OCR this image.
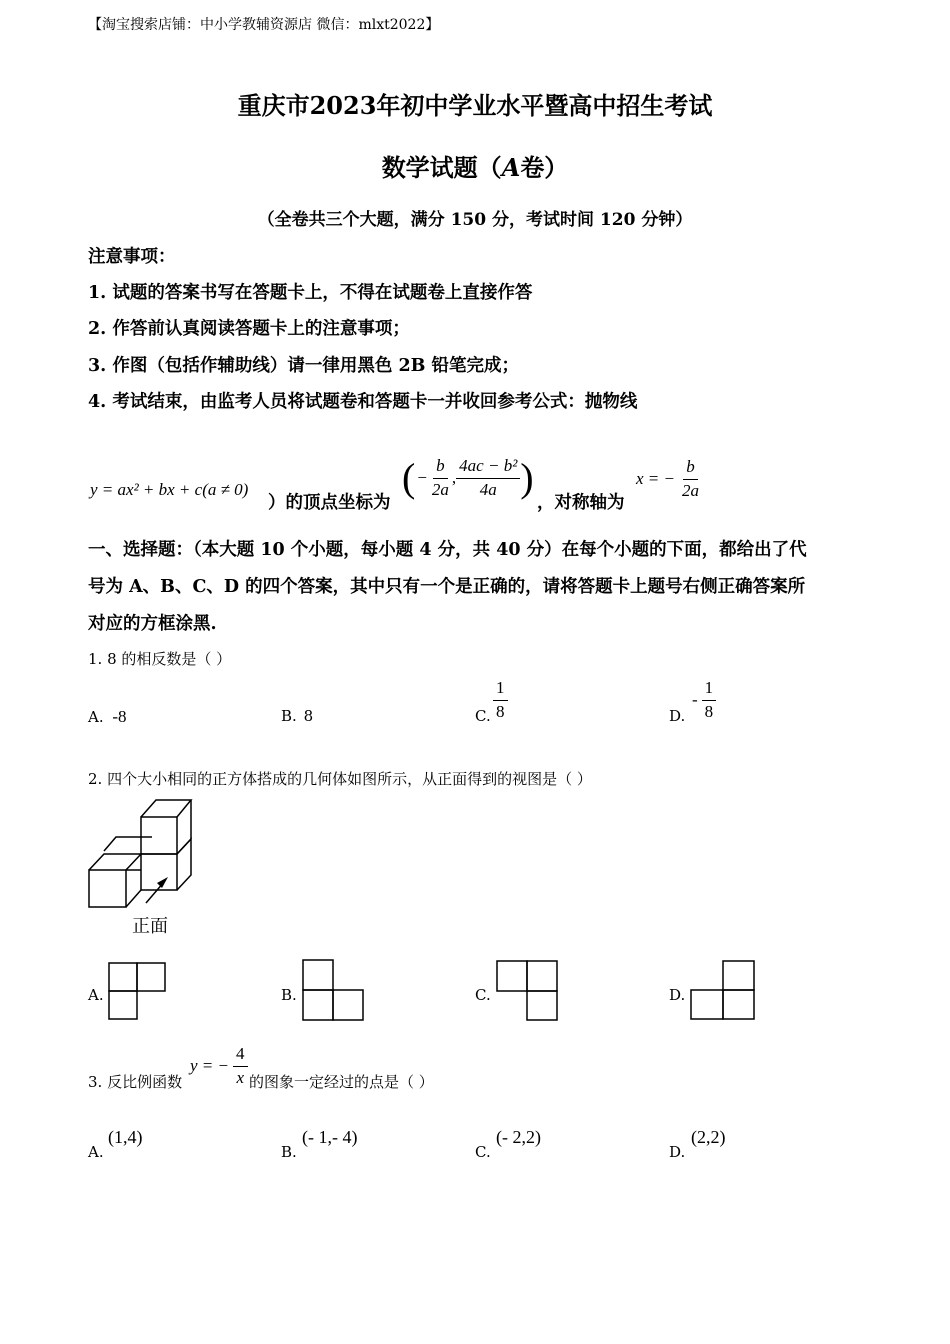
【淘宝搜索店铺：中小学教辅资源店 微信：mlxt2022】
重庆市2023年初中学业水平暨高中招生考试
数学试题（A卷）
（全卷共三个大题，满分 150 分，考试时间 120 分钟）
注意事项：
1. 试题的答案书写在答题卡上，不得在试题卷上直接作答
2. 作答前认真阅读答题卡上的注意事项；
3. 作图（包括作辅助线）请一律用黑色 2B 铅笔完成；
4. 考试结束，由监考人员将试题卷和答题卡一并收回参考公式：抛物线
y = ax² + bx + c(a ≠ 0)
）的顶点坐标为
( − $\frac{b}{2a}$ , $\frac{\text{4ac − b²}}{4a}$ )
，对称轴为
x = − $\frac{b}{2a}$
一、选择题：（本大题 10 个小题，每小题 4 分，共 40 分）在每个小题的下面，都给出了代
号为 A、B、C、D 的四个答案，其中只有一个是正确的，请将答题卡上题号右侧正确答案所
对应的方框涂黑.
1. 8 的相反数是（ ）
A. -8	B. 8	C. $\frac{1}{8}$	D.
- $\frac{1}{8}$
2. 四个大小相同的正方体搭成的几何体如图所示，从正面得到的视图是（ ）
正面
A.	B.	C.	D.
3. 反比例函数
y = − $\frac{4}{x}$ 的图象一定经过的点是（ ）
A.
(1,4)
B.
(- 1,- 4)
C.
(- 2,2)
D.
(2,2)
